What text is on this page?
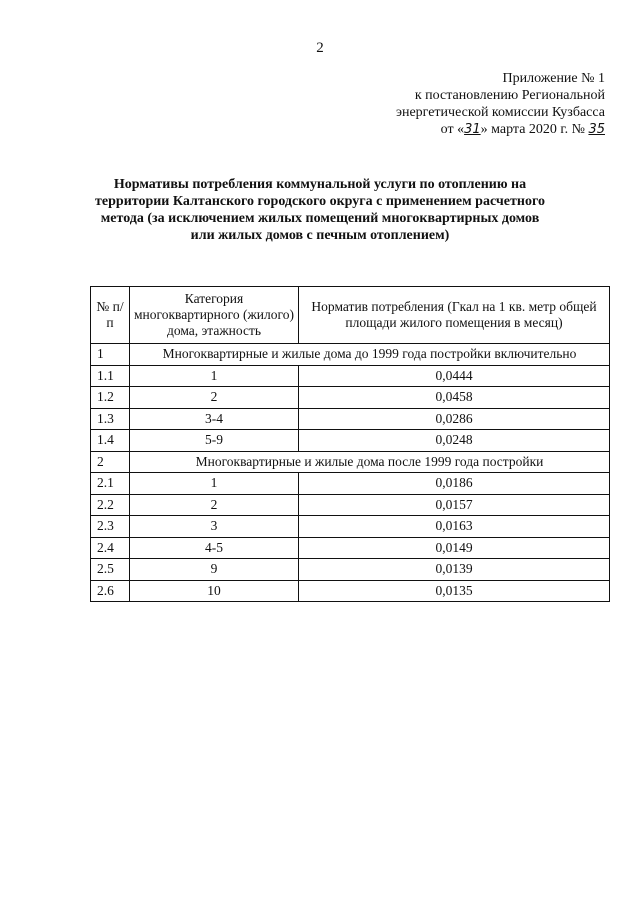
2
Приложение № 1
к постановлению Региональной
энергетической комиссии Кузбасса
от «31» марта 2020 г. № 35
Нормативы потребления коммунальной услуги по отоплению на территории Калтанского городского округа с применением расчетного метода (за исключением жилых помещений многоквартирных домов или жилых домов с печным отоплением)
№ п/п	Категория многоквартирного (жилого) дома, этажность	Норматив потребления (Гкал на 1 кв. метр общей площади жилого помещения в месяц)
1	Многоквартирные и жилые дома до 1999 года постройки включительно	
1.1	1	0,0444
1.2	2	0,0458
1.3	3-4	0,0286
1.4	5-9	0,0248
2	Многоквартирные и жилые дома после 1999 года постройки	
2.1	1	0,0186
2.2	2	0,0157
2.3	3	0,0163
2.4	4-5	0,0149
2.5	9	0,0139
2.6	10	0,0135
